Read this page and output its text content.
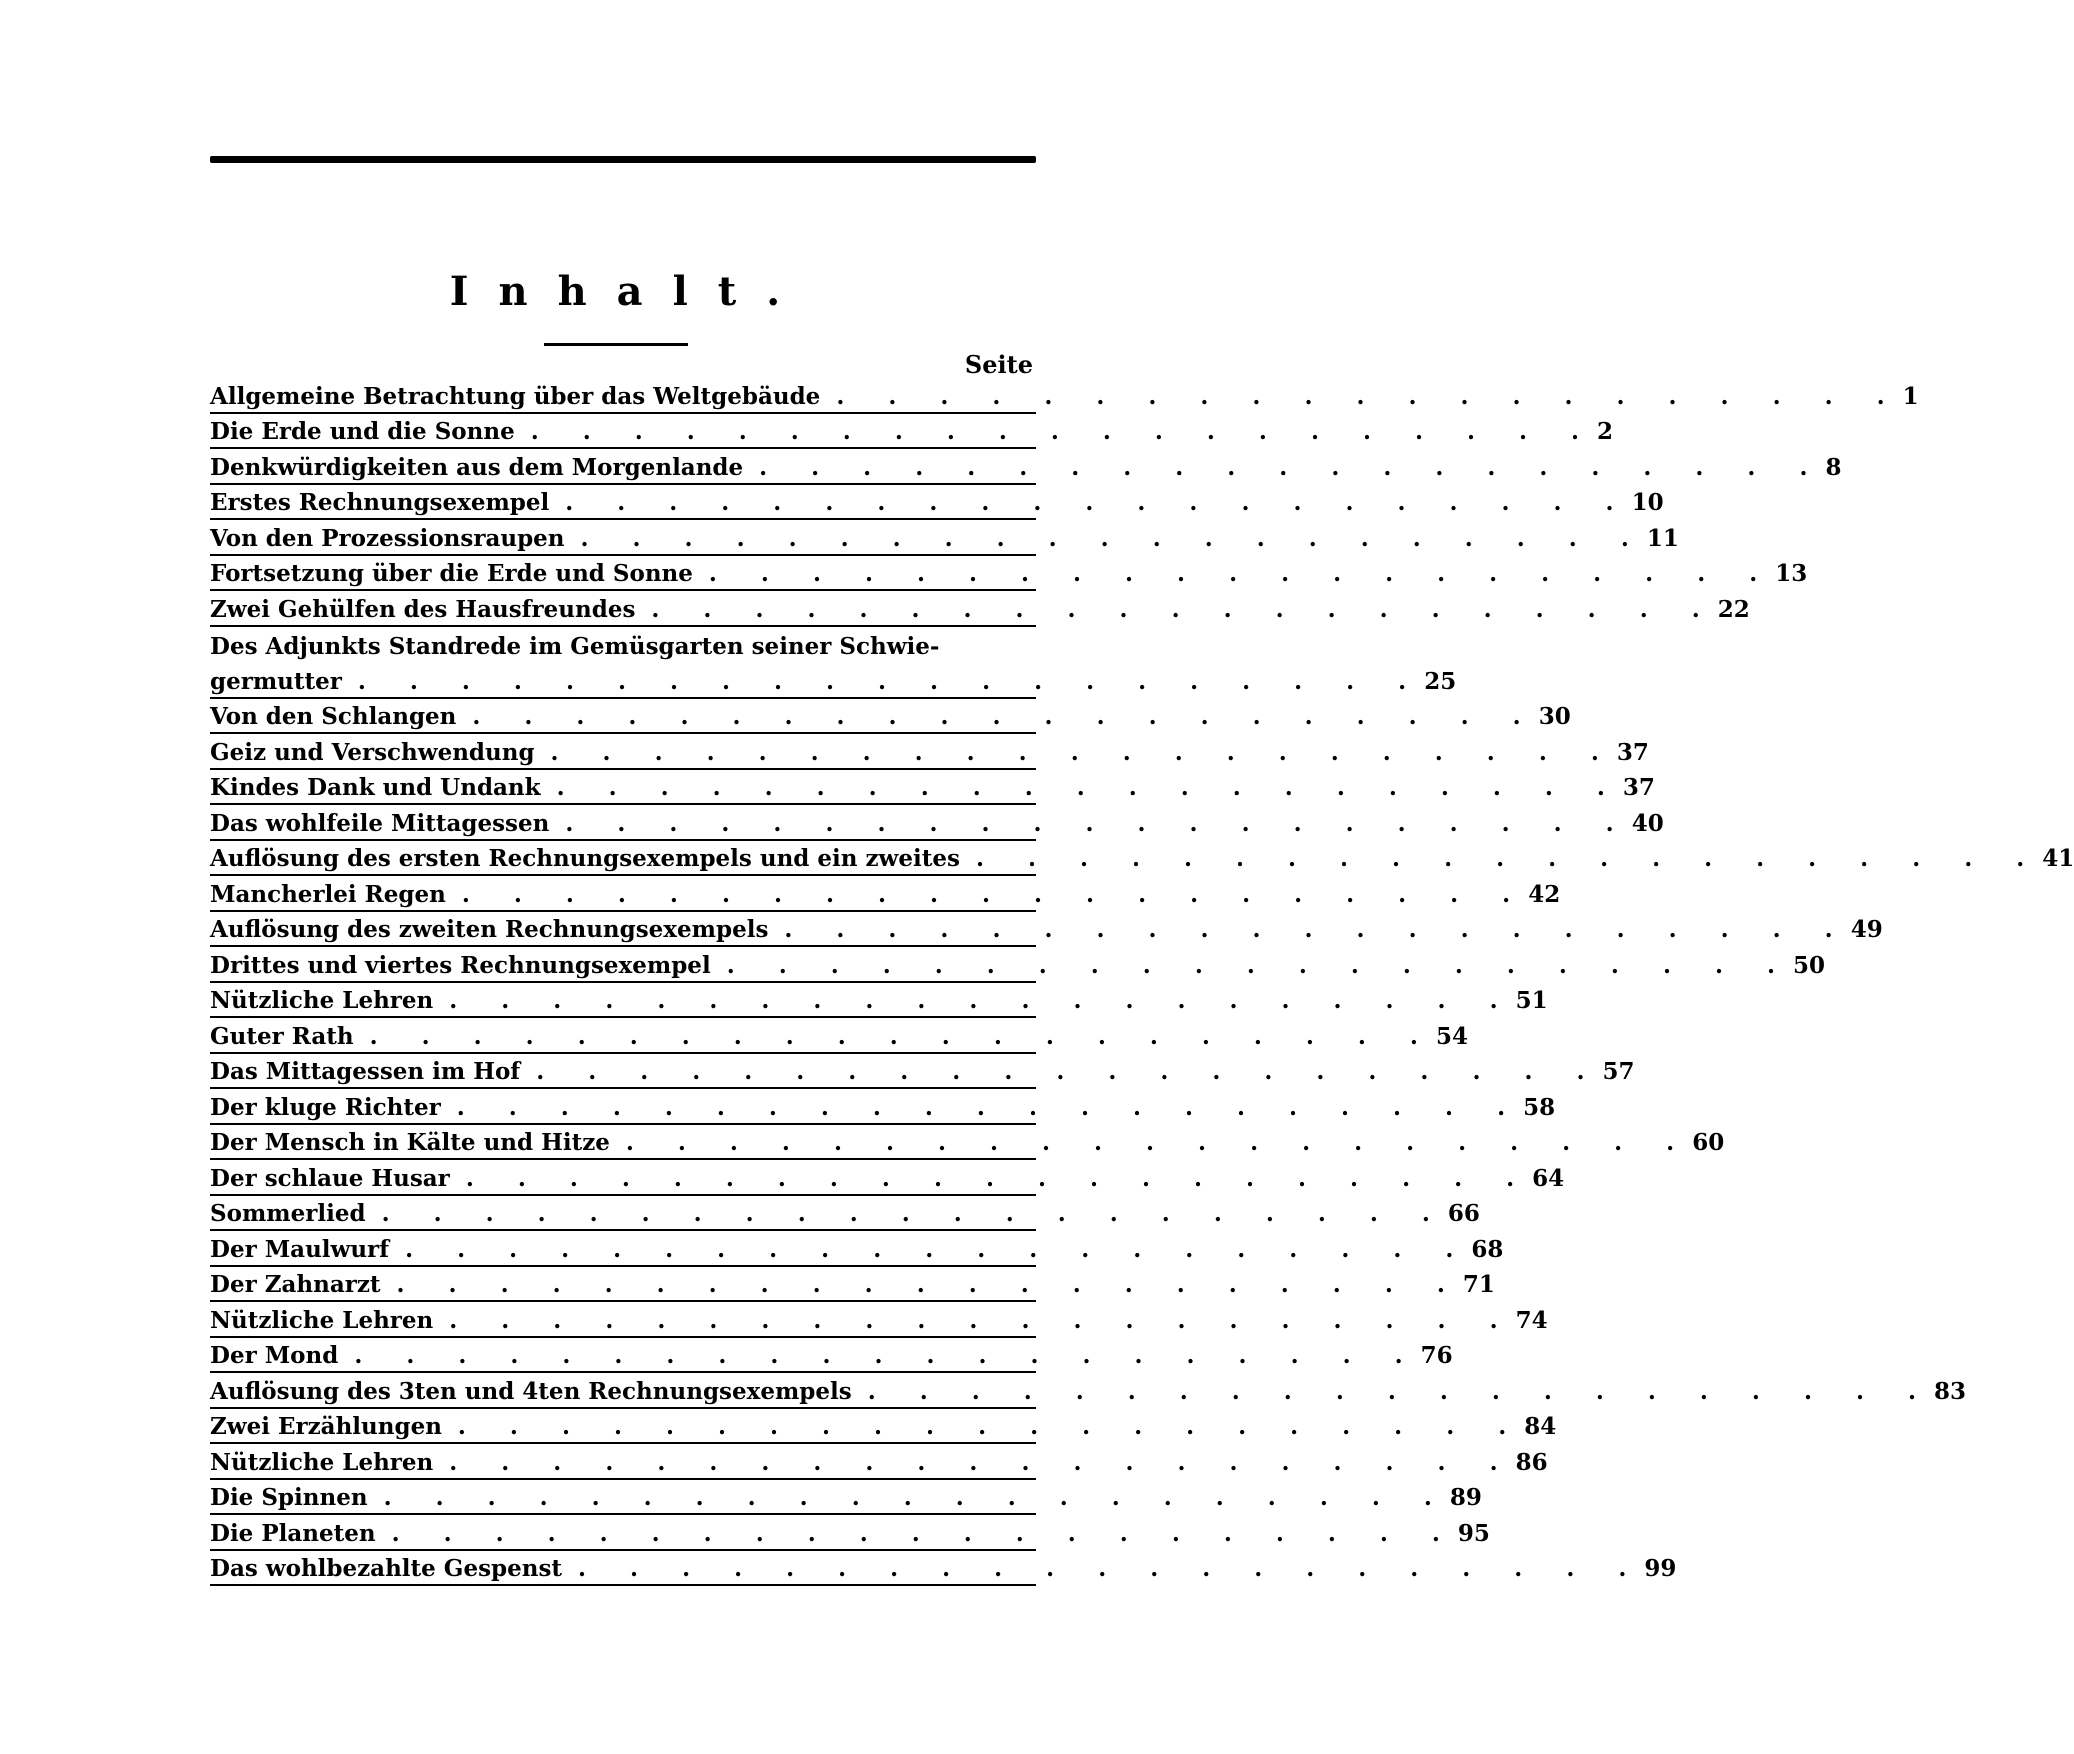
Inhalt.
Seite
Allgemeine Betrachtung über das Weltgebäude . . . . . . . . . . . . . . . . . . . . . 1
Die Erde und die Sonne . . . . . . . . . . . . . . . . . . . . . 2
Denkwürdigkeiten aus dem Morgenlande . . . . . . . . . . . . . . . . . . . . . 8
Erstes Rechnungsexempel . . . . . . . . . . . . . . . . . . . . . 10
Von den Prozessionsraupen . . . . . . . . . . . . . . . . . . . . . 11
Fortsetzung über die Erde und Sonne . . . . . . . . . . . . . . . . . . . . . 13
Zwei Gehülfen des Hausfreundes . . . . . . . . . . . . . . . . . . . . . 22
Des Adjunkts Standrede im Gemüsgarten seiner Schwie-
germutter . . . . . . . . . . . . . . . . . . . . . 25
Von den Schlangen . . . . . . . . . . . . . . . . . . . . . 30
Geiz und Verschwendung . . . . . . . . . . . . . . . . . . . . . 37
Kindes Dank und Undank . . . . . . . . . . . . . . . . . . . . . 37
Das wohlfeile Mittagessen . . . . . . . . . . . . . . . . . . . . . 40
Auflösung des ersten Rechnungsexempels und ein zweites . . . . . . . . . . . . . . . . . . . . . 41
Mancherlei Regen . . . . . . . . . . . . . . . . . . . . . 42
Auflösung des zweiten Rechnungsexempels . . . . . . . . . . . . . . . . . . . . . 49
Drittes und viertes Rechnungsexempel . . . . . . . . . . . . . . . . . . . . . 50
Nützliche Lehren . . . . . . . . . . . . . . . . . . . . . 51
Guter Rath . . . . . . . . . . . . . . . . . . . . . 54
Das Mittagessen im Hof . . . . . . . . . . . . . . . . . . . . . 57
Der kluge Richter . . . . . . . . . . . . . . . . . . . . . 58
Der Mensch in Kälte und Hitze . . . . . . . . . . . . . . . . . . . . . 60
Der schlaue Husar . . . . . . . . . . . . . . . . . . . . . 64
Sommerlied . . . . . . . . . . . . . . . . . . . . . 66
Der Maulwurf . . . . . . . . . . . . . . . . . . . . . 68
Der Zahnarzt . . . . . . . . . . . . . . . . . . . . . 71
Nützliche Lehren . . . . . . . . . . . . . . . . . . . . . 74
Der Mond . . . . . . . . . . . . . . . . . . . . . 76
Auflösung des 3ten und 4ten Rechnungsexempels . . . . . . . . . . . . . . . . . . . . . 83
Zwei Erzählungen . . . . . . . . . . . . . . . . . . . . . 84
Nützliche Lehren . . . . . . . . . . . . . . . . . . . . . 86
Die Spinnen . . . . . . . . . . . . . . . . . . . . . 89
Die Planeten . . . . . . . . . . . . . . . . . . . . . 95
Das wohlbezahlte Gespenst . . . . . . . . . . . . . . . . . . . . . 99
